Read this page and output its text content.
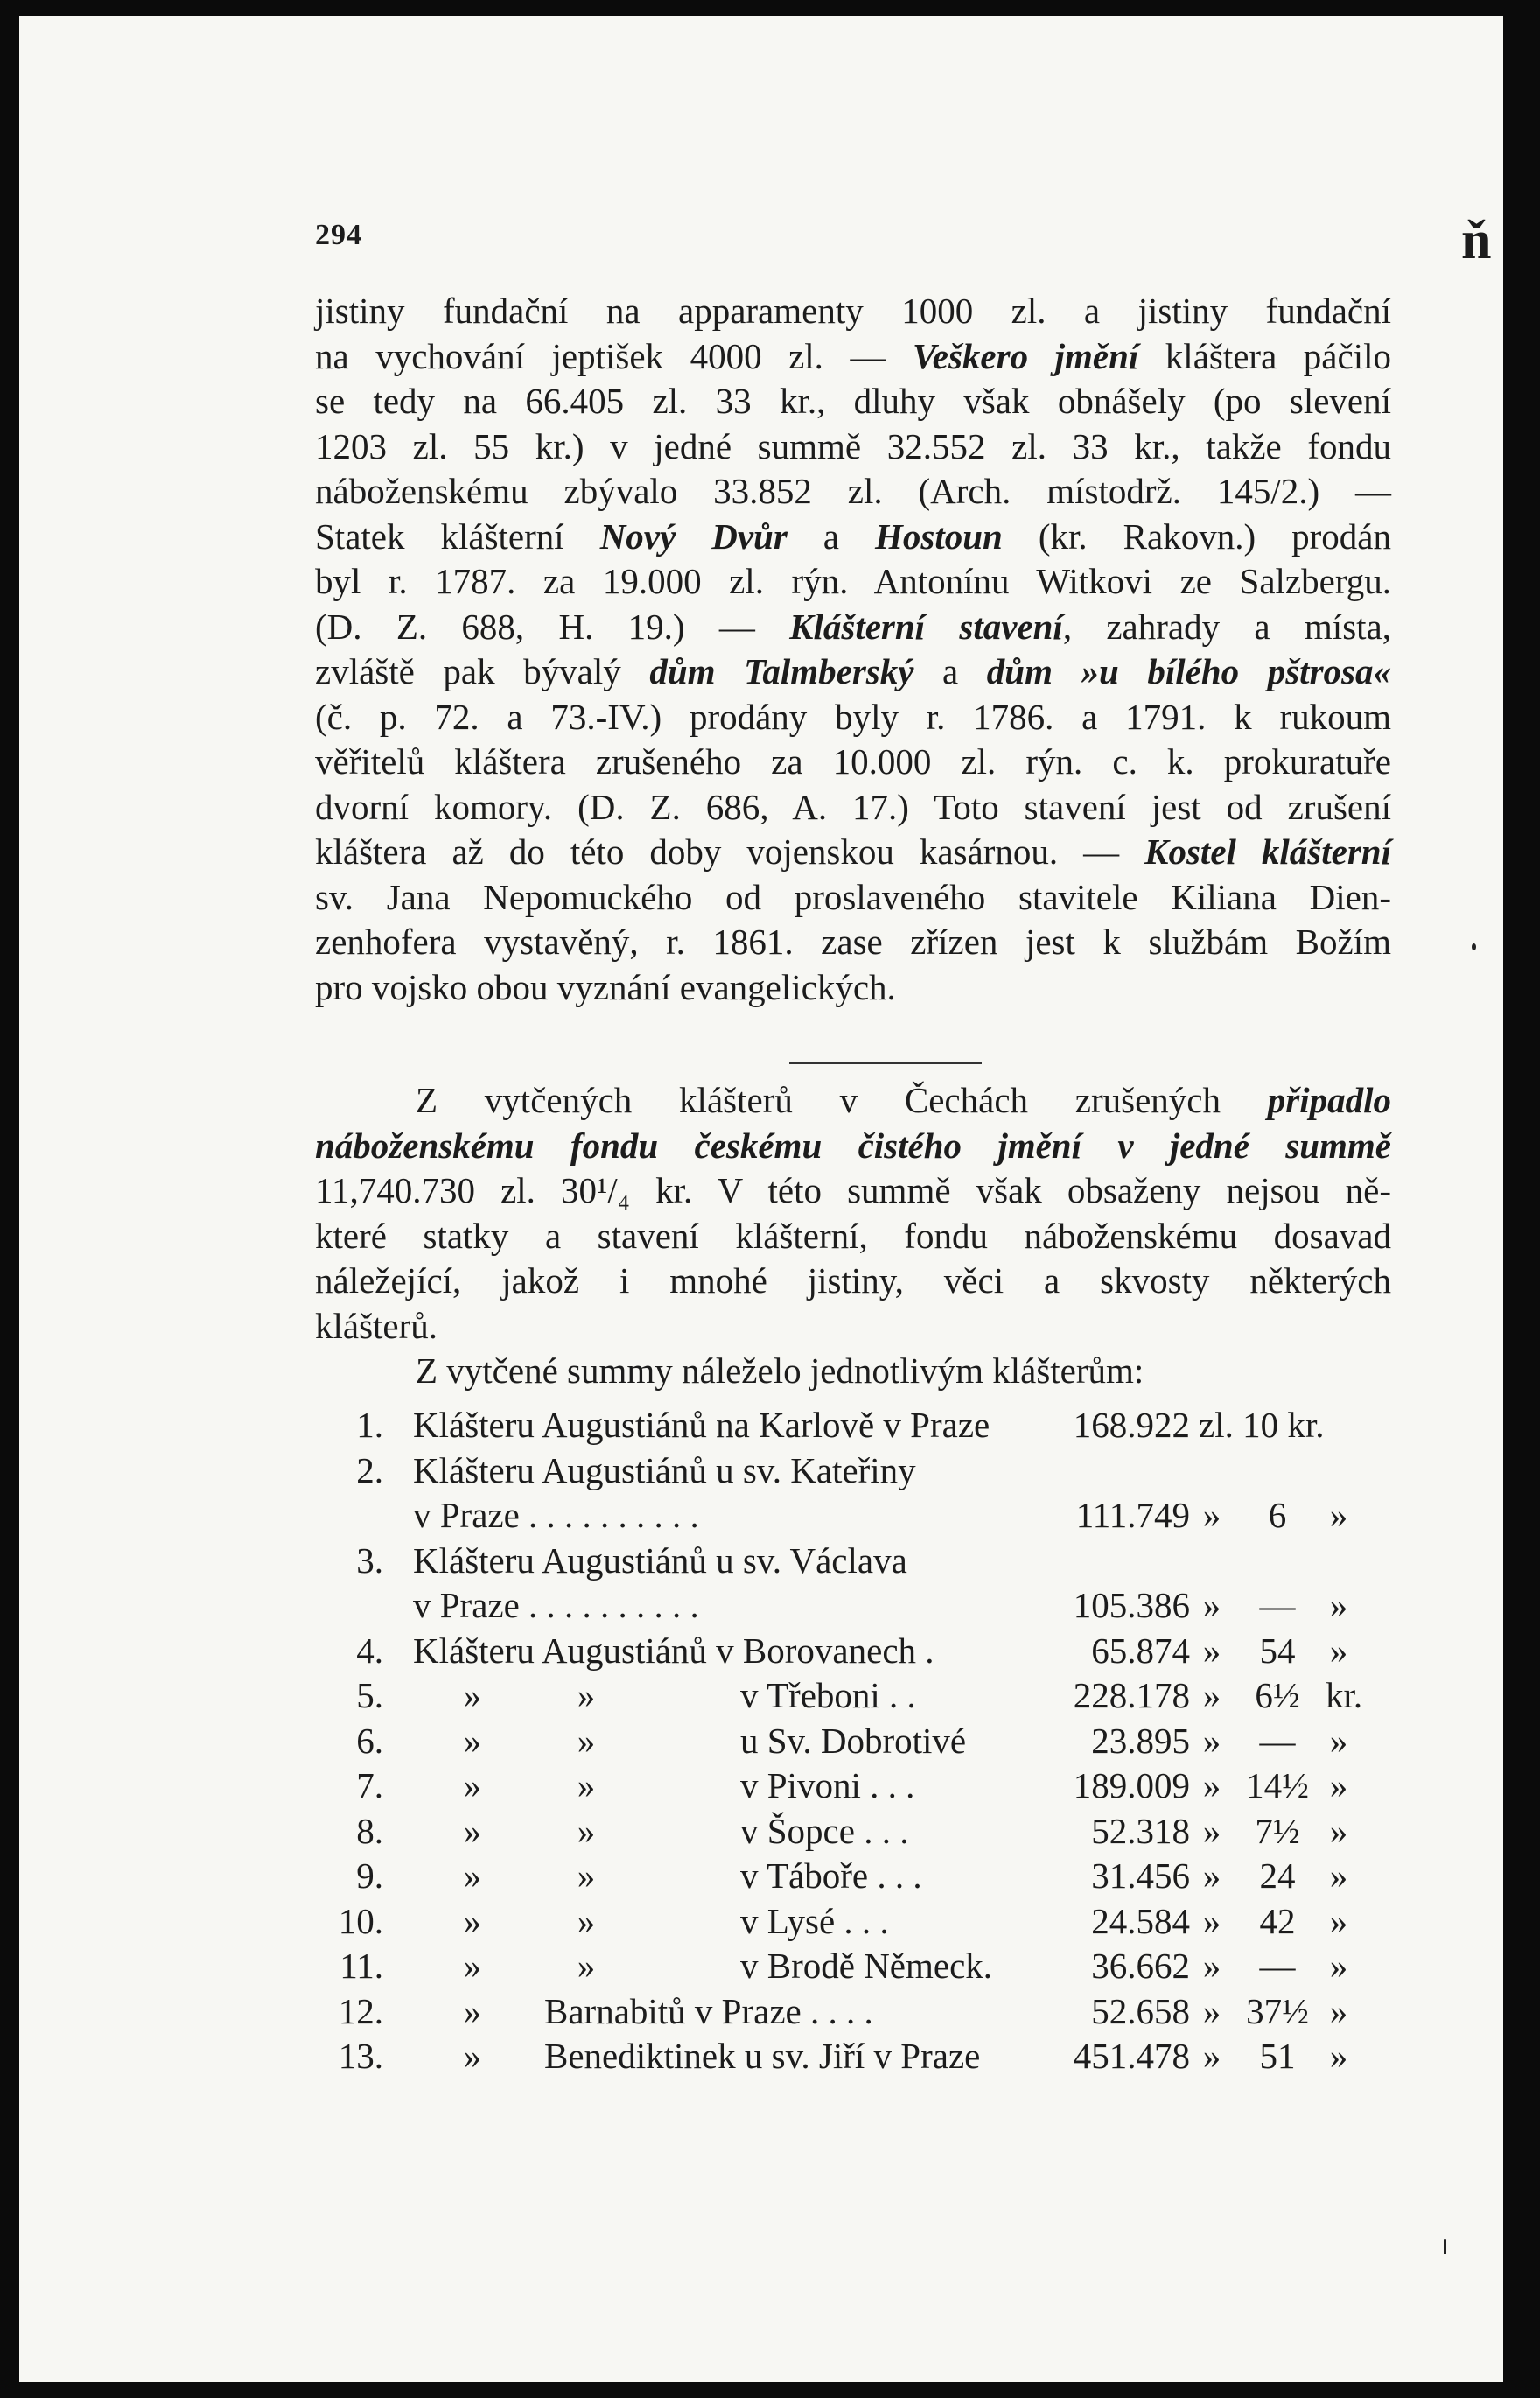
294	ň
jistiny fundační na apparamenty 1000 zl. a jistiny fundační
na vychování jeptišek 4000 zl. — Veškero jmění kláštera páčilo
se tedy na 66.405 zl. 33 kr., dluhy však obnášely (po slevení
1203 zl. 55 kr.) v jedné summě 32.552 zl. 33 kr., takže fondu
náboženskému zbývalo 33.852 zl. (Arch. místodrž. 145/2.) —
Statek klášterní Nový Dvůr a Hostoun (kr. Rakovn.) prodán
byl r. 1787. za 19.000 zl. rýn. Antonínu Witkovi ze Salzbergu.
(D. Z. 688, H. 19.) — Klášterní stavení, zahrady a místa,
zvláště pak bývalý dům Talmberský a dům »u bílého pštrosa«
(č. p. 72. a 73.-IV.) prodány byly r. 1786. a 1791. k rukoum
věřitelů kláštera zrušeného za 10.000 zl. rýn. c. k. prokuratuře
dvorní komory. (D. Z. 686, A. 17.) Toto stavení jest od zrušení
kláštera až do této doby vojenskou kasárnou. — Kostel klášterní
sv. Jana Nepomuckého od proslaveného stavitele Kiliana Dien-
zenhofera vystavěný, r. 1861. zase zřízen jest k službám Božím
pro vojsko obou vyznání evangelických.
Z vytčených klášterů v Čechách zrušených připadlo
náboženskému fondu českému čistého jmění v jedné summě
11,740.730 zl. 30¹/₄ kr. V této summě však obsaženy nejsou ně-
které statky a stavení klášterní, fondu náboženskému dosavad
náležející, jakož i mnohé jistiny, věci a skvosty některých
klášterů.
Z vytčené summy náleželo jednotlivým klášterům:
1. Klášteru Augustiánů na Karlově v Praze	168.922 zl. 10 kr.
2. Klášteru Augustiánů u sv. Kateřiny
v Praze . . . . . . . . . .	111.749 »	6	»
3. Klášteru Augustiánů u sv. Václava
v Praze . . . . . . . . . .	105.386 »	— »
4. Klášteru Augustiánů v Borovanech .	65.874 »	54 »
5. »	»	v Třeboni . .	228.178 » 6½ kr.
6. »	»	u Sv. Dobrotivé	23.895 »	— »
7. »	»	v Pivoni . . .	189.009 » 14½ »
8. »	»	v Šopce . . .	52.318 » 7½ »
9. »	»	v Táboře . . .	31.456 »	24 »
10. »	»	v Lysé . . .	24.584 »	42 »
11. »	»	v Brodě Německ.	36.662 »	— »
12. » Barnabitů v Praze . . . .	52.658 » 37½ »
13. » Benediktinek u sv. Jiří v Praze	451.478 »	51 »
